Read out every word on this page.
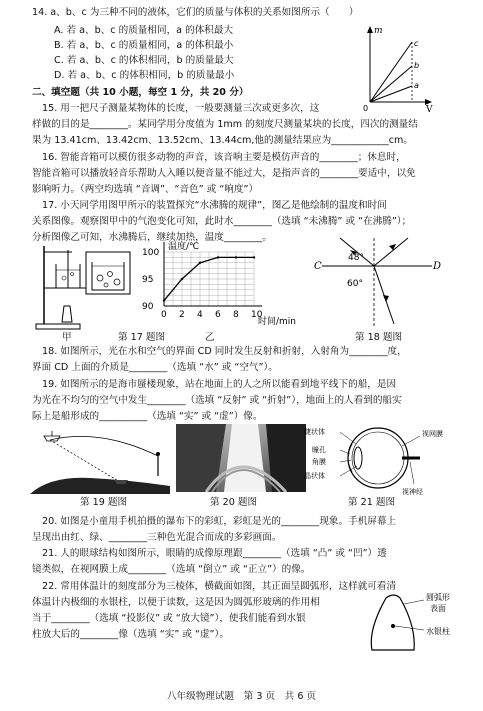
14. a、b、c 为三种不同的液体，它们的质量与体积的关系如图所示（　　）
A. 若 a、b、c 的质量相同，a 的体积最大
B. 若 a、b、c 的质量相同，a 的体积最小
C. 若 a、b、c 的体积相同，b 的质量最大
D. 若 a、b、c 的体积相同，b 的质量最小
二、填空题（共 10 小题，每空 1 分，共 20 分）
15. 用一把尺子测量某物体的长度，一般要测量三次或更多次，这
样做的目的是________。某同学用分度值为 1mm 的刻度尺测量某块的长度，四次的测量结
果为 13.41cm、13.42cm、13.52cm、13.44cm,他的测量结果应为____________cm。
16. 智能音箱可以模仿很多动物的声音，该音响主要是模仿声音的________；休息时，
智能音箱可以播放轻音乐帮助人入睡以便音量不能过大，是指声音的________要适中，以免
影响听力。（两空均选填 “音调”、“音色” 或 “响度”）
17. 小天同学用图甲所示的装置探究“水沸腾的规律”，图乙是他绘制的温度和时间
关系图像。观察图甲中的气泡变化可知，此时水________（选填 “未沸腾” 或 “在沸腾”）；
分析图像乙可知，水沸腾后，继续加热，温度________。
18. 如图所示，光在水和空气的界面 CD 同时发生反射和折射，入射角为________度，
界面 CD 上面的介质是________（选填 “水” 或 “空气”）。
19. 如图所示的是海市蜃楼现象，站在地面上的人之所以能看到地平线下的船，是因
为光在不均匀的空气中发生________（选填 “反射” 或 “折射”），地面上的人看到的船实
际上是船形成的__________（选填 “实” 或 “虚”）像。
20. 如图是小童用手机拍摄的瀑布下的彩虹，彩虹是光的________现象。手机屏幕上
呈现出由红、绿、________三种色光混合而成的多彩画面。
21. 人的眼球结构如图所示，眼睛的成像原理跟________（选填 “凸” 或 “凹”）透
镜类似，在视网膜上成________（选填 “倒立” 或 “正立”）的像。
22. 常用体温计的刻度部分为三棱体，横截面如图，其正面呈圆弧形，这样就可看清
体温计内极细的水银柱，以便于读数，这是因为圆弧形玻璃的作用相
当于________（选填 “投影仪” 或 “放大镜”），使我们能看到水银
柱放大后的________像（选填 “实” 或 “虚”）。
m
V
0
c
b
a
温度/℃
时间/min
100
95
90
0 2 4 6 8 10
甲	第 17 题图	乙
C	D
48°
60°
第 18 题图
第 19 题图	第 20 题图
睫状体
瞳孔
角膜
晶状体
视网膜
视神经
第 21 题图
圆弧形
表面
水银柱
八年级物理试题　第 3 页　共 6 页
